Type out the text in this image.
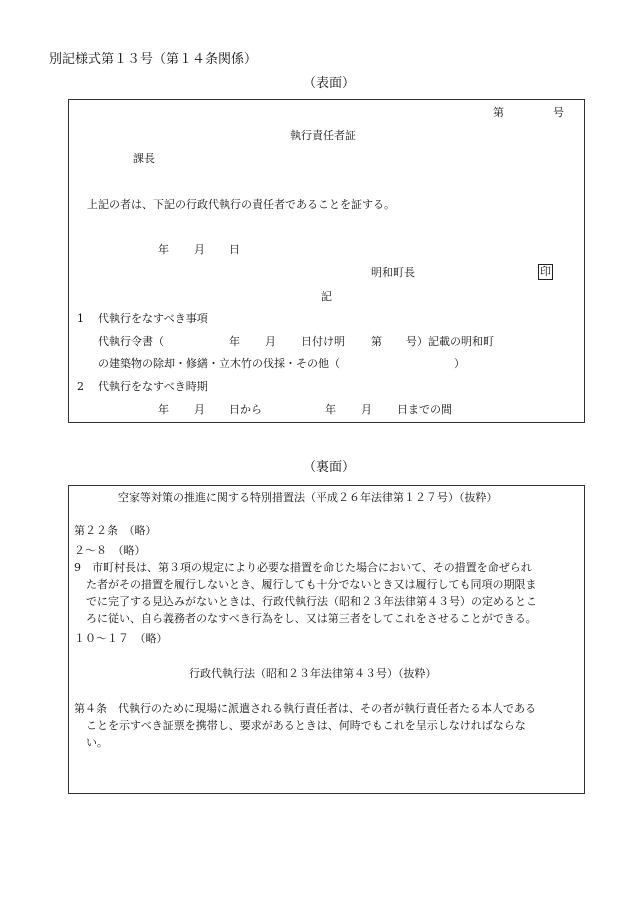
別記様式第１３号（第１４条関係）
（表面）
第	号
執行責任者証
課長
上記の者は、下記の行政代執行の責任者であることを証する。
年 月 日
明和町長	印
記
1 代執行をなすべき事項
代執行令書（	年 月 日付け明 第 号）記載の明和町
の建築物の除却・修繕・立木竹の伐採・その他（	）
2 代執行をなすべき時期
年 月 日から	年 月 日までの間
（裏面）
空家等対策の推進に関する特別措置法（平成２６年法律第１２７号）（抜粋）
第２２条　（略）
２～８　（略）
9　市町村長は、第３項の規定により必要な措置を命じた場合において、その措置を命ぜられ
た者がその措置を履行しないとき、履行しても十分でないとき又は履行しても同項の期限ま
でに完了する見込みがないときは、行政代執行法（昭和２３年法律第４３号）の定めるとこ
ろに従い、自ら義務者のなすべき行為をし、又は第三者をしてこれをさせることができる。
１０～１７　（略）
行政代執行法（昭和２３年法律第４３号）（抜粋）
第４条　代執行のために現場に派遣される執行責任者は、その者が執行責任者たる本人である
ことを示すべき証票を携帯し、要求があるときは、何時でもこれを呈示しなければならな
い。
